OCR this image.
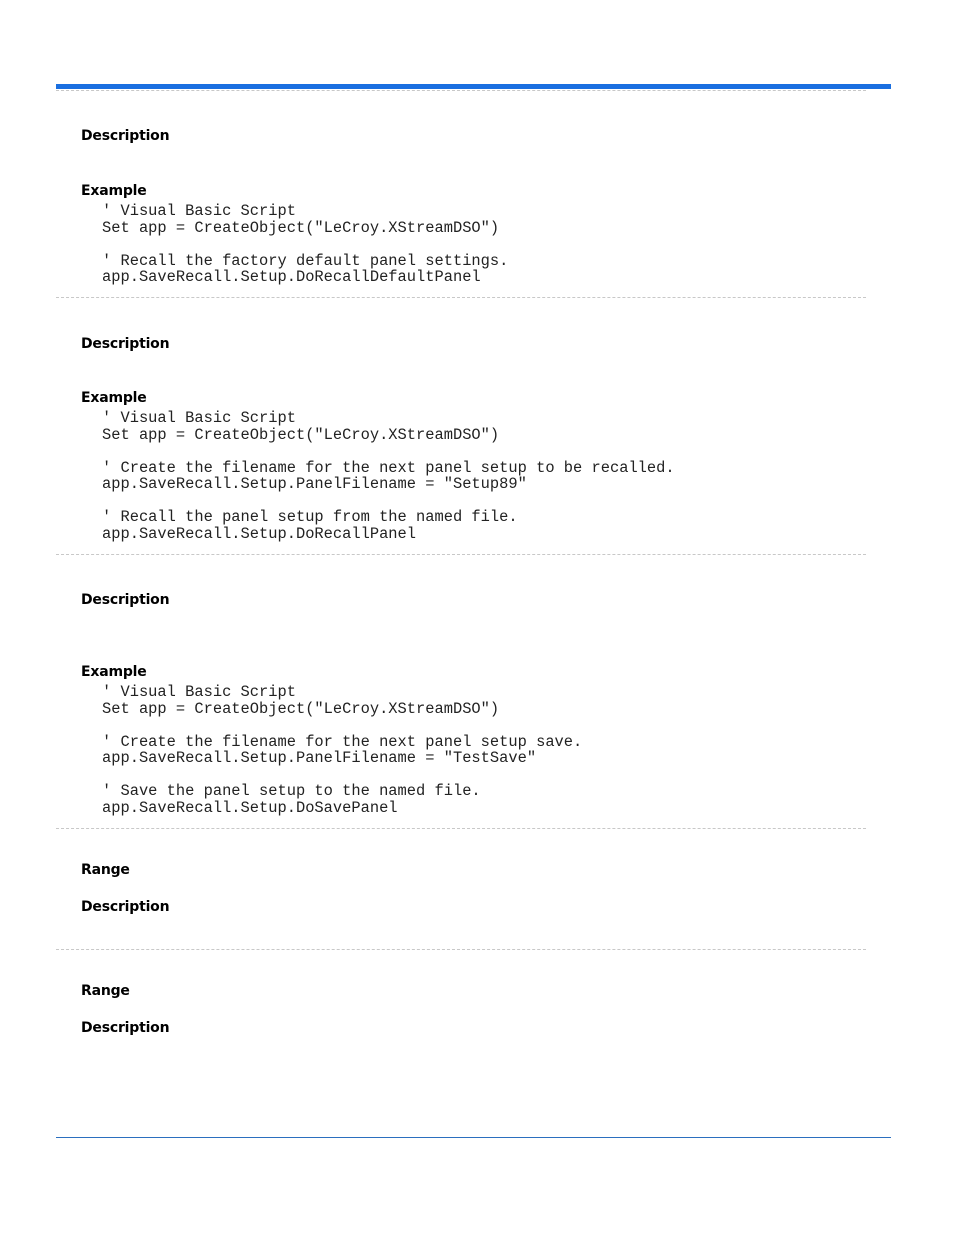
Description
Example
' Visual Basic Script
Set app = CreateObject("LeCroy.XStreamDSO")

' Recall the factory default panel settings.
app.SaveRecall.Setup.DoRecallDefaultPanel
Description
Example
' Visual Basic Script
Set app = CreateObject("LeCroy.XStreamDSO")

' Create the filename for the next panel setup to be recalled.
app.SaveRecall.Setup.PanelFilename = "Setup89"

' Recall the panel setup from the named file.
app.SaveRecall.Setup.DoRecallPanel
Description
Example
' Visual Basic Script
Set app = CreateObject("LeCroy.XStreamDSO")

' Create the filename for the next panel setup save.
app.SaveRecall.Setup.PanelFilename = "TestSave"

' Save the panel setup to the named file.
app.SaveRecall.Setup.DoSavePanel
Range
Description
Range
Description
